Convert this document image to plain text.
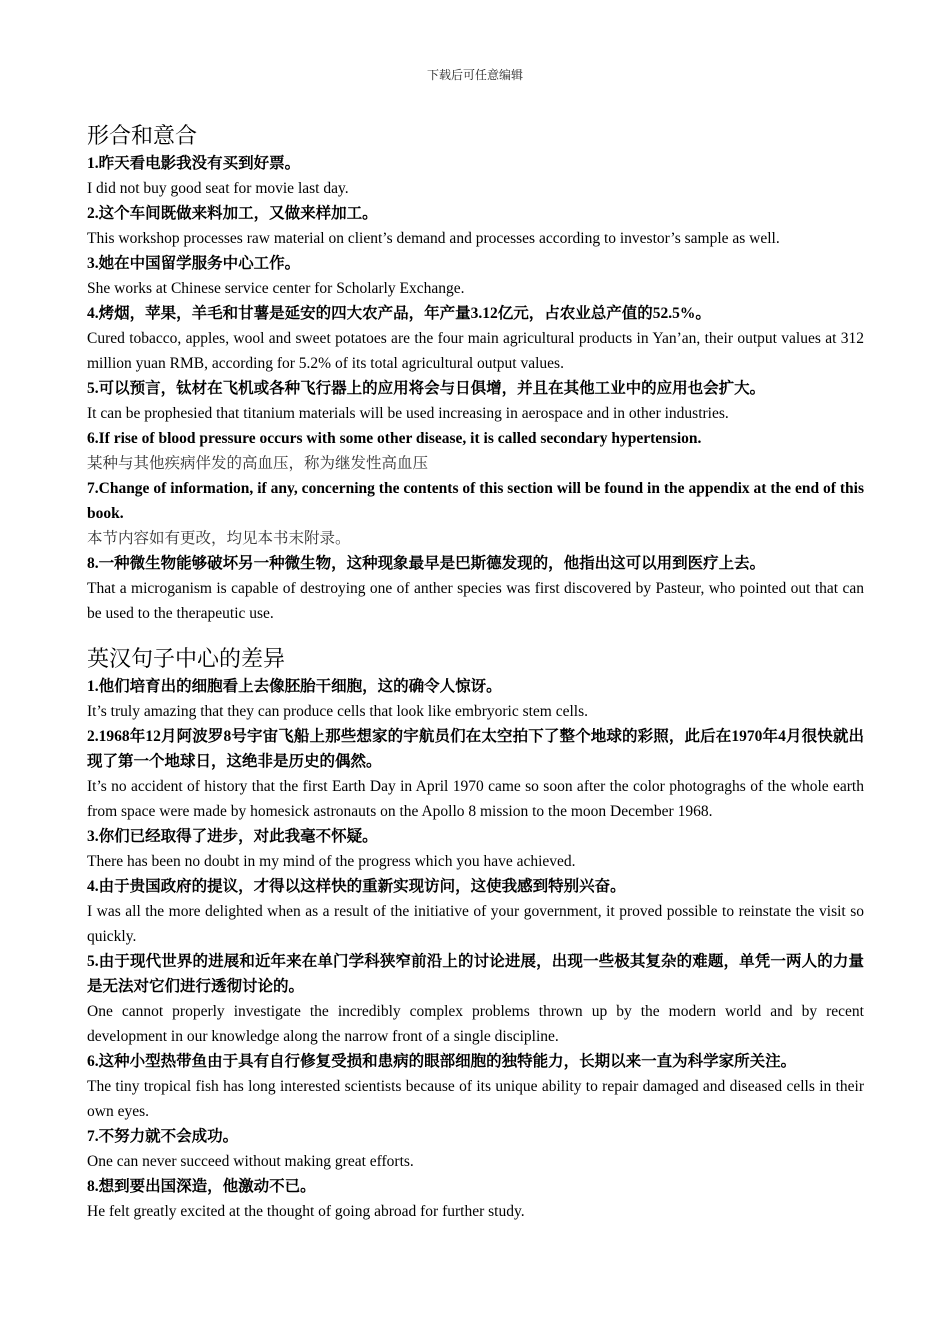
下载后可任意编辑
形合和意合

1.昨天看电影我没有买到好票。

I did not buy good seat for movie last day.

2.这个车间既做来料加工，又做来样加工。

This workshop processes raw material on client’s demand and processes according to investor’s sample as well.

3.她在中国留学服务中心工作。

She works at Chinese service center for Scholarly Exchange.

4.烤烟，苹果，羊毛和甘薯是延安的四大农产品，年产量3.12亿元，占农业总产值的52.5%。

Cured tobacco, apples, wool and sweet potatoes are the four main agricultural products in Yan’an, their output values at 312 million yuan RMB, according for 5.2% of its total agricultural output values.

5.可以预言，钛材在飞机或各种飞行器上的应用将会与日俱增，并且在其他工业中的应用也会扩大。

It can be prophesied that titanium materials will be used increasing in aerospace and in other industries.

6.If rise of blood pressure occurs with some other disease, it is called secondary hypertension.

某种与其他疾病伴发的高血压，称为继发性高血压

7.Change of information, if any, concerning the contents of this section will be found in the appendix at the end of this book.

本节内容如有更改，均见本书末附录。

8.一种微生物能够破坏另一种微生物，这种现象最早是巴斯德发现的，他指出这可以用到医疗上去。

That a microganism is capable of destroying one of anther species was first discovered by Pasteur, who pointed out that can be used to the therapeutic use.

英汉句子中心的差异

1.他们培育出的细胞看上去像胚胎干细胞，这的确令人惊讶。

It’s truly amazing that they can produce cells that look like embryoric stem cells.

2.1968年12月阿波罗8号宇宙飞船上那些想家的宇航员们在太空拍下了整个地球的彩照，此后在1970年4月很快就出现了第一个地球日，这绝非是历史的偶然。

It’s no accident of history that the first Earth Day in April 1970 came so soon after the color photograghs of the whole earth from space were made by homesick astronauts on the Apollo 8 mission to the moon December 1968.

3.你们已经取得了进步，对此我毫不怀疑。

There has been no doubt in my mind of the progress which you have achieved.

4.由于贵国政府的提议，才得以这样快的重新实现访问，这使我感到特别兴奋。

I was all the more delighted when as a result of the initiative of your government, it proved possible to reinstate the visit so quickly.

5.由于现代世界的进展和近年来在单门学科狭窄前沿上的讨论进展，出现一些极其复杂的难题，单凭一两人的力量是无法对它们进行透彻讨论的。

One cannot properly investigate the incredibly complex problems thrown up by the modern world and by recent development in our knowledge along the narrow front of a single discipline.

6.这种小型热带鱼由于具有自行修复受损和患病的眼部细胞的独特能力，长期以来一直为科学家所关注。

The tiny tropical fish has long interested scientists because of its unique ability to repair damaged and diseased cells in their own eyes.

7.不努力就不会成功。

One can never succeed without making great efforts.

8.想到要出国深造，他激动不已。

He felt greatly excited at the thought of going abroad for further study.
